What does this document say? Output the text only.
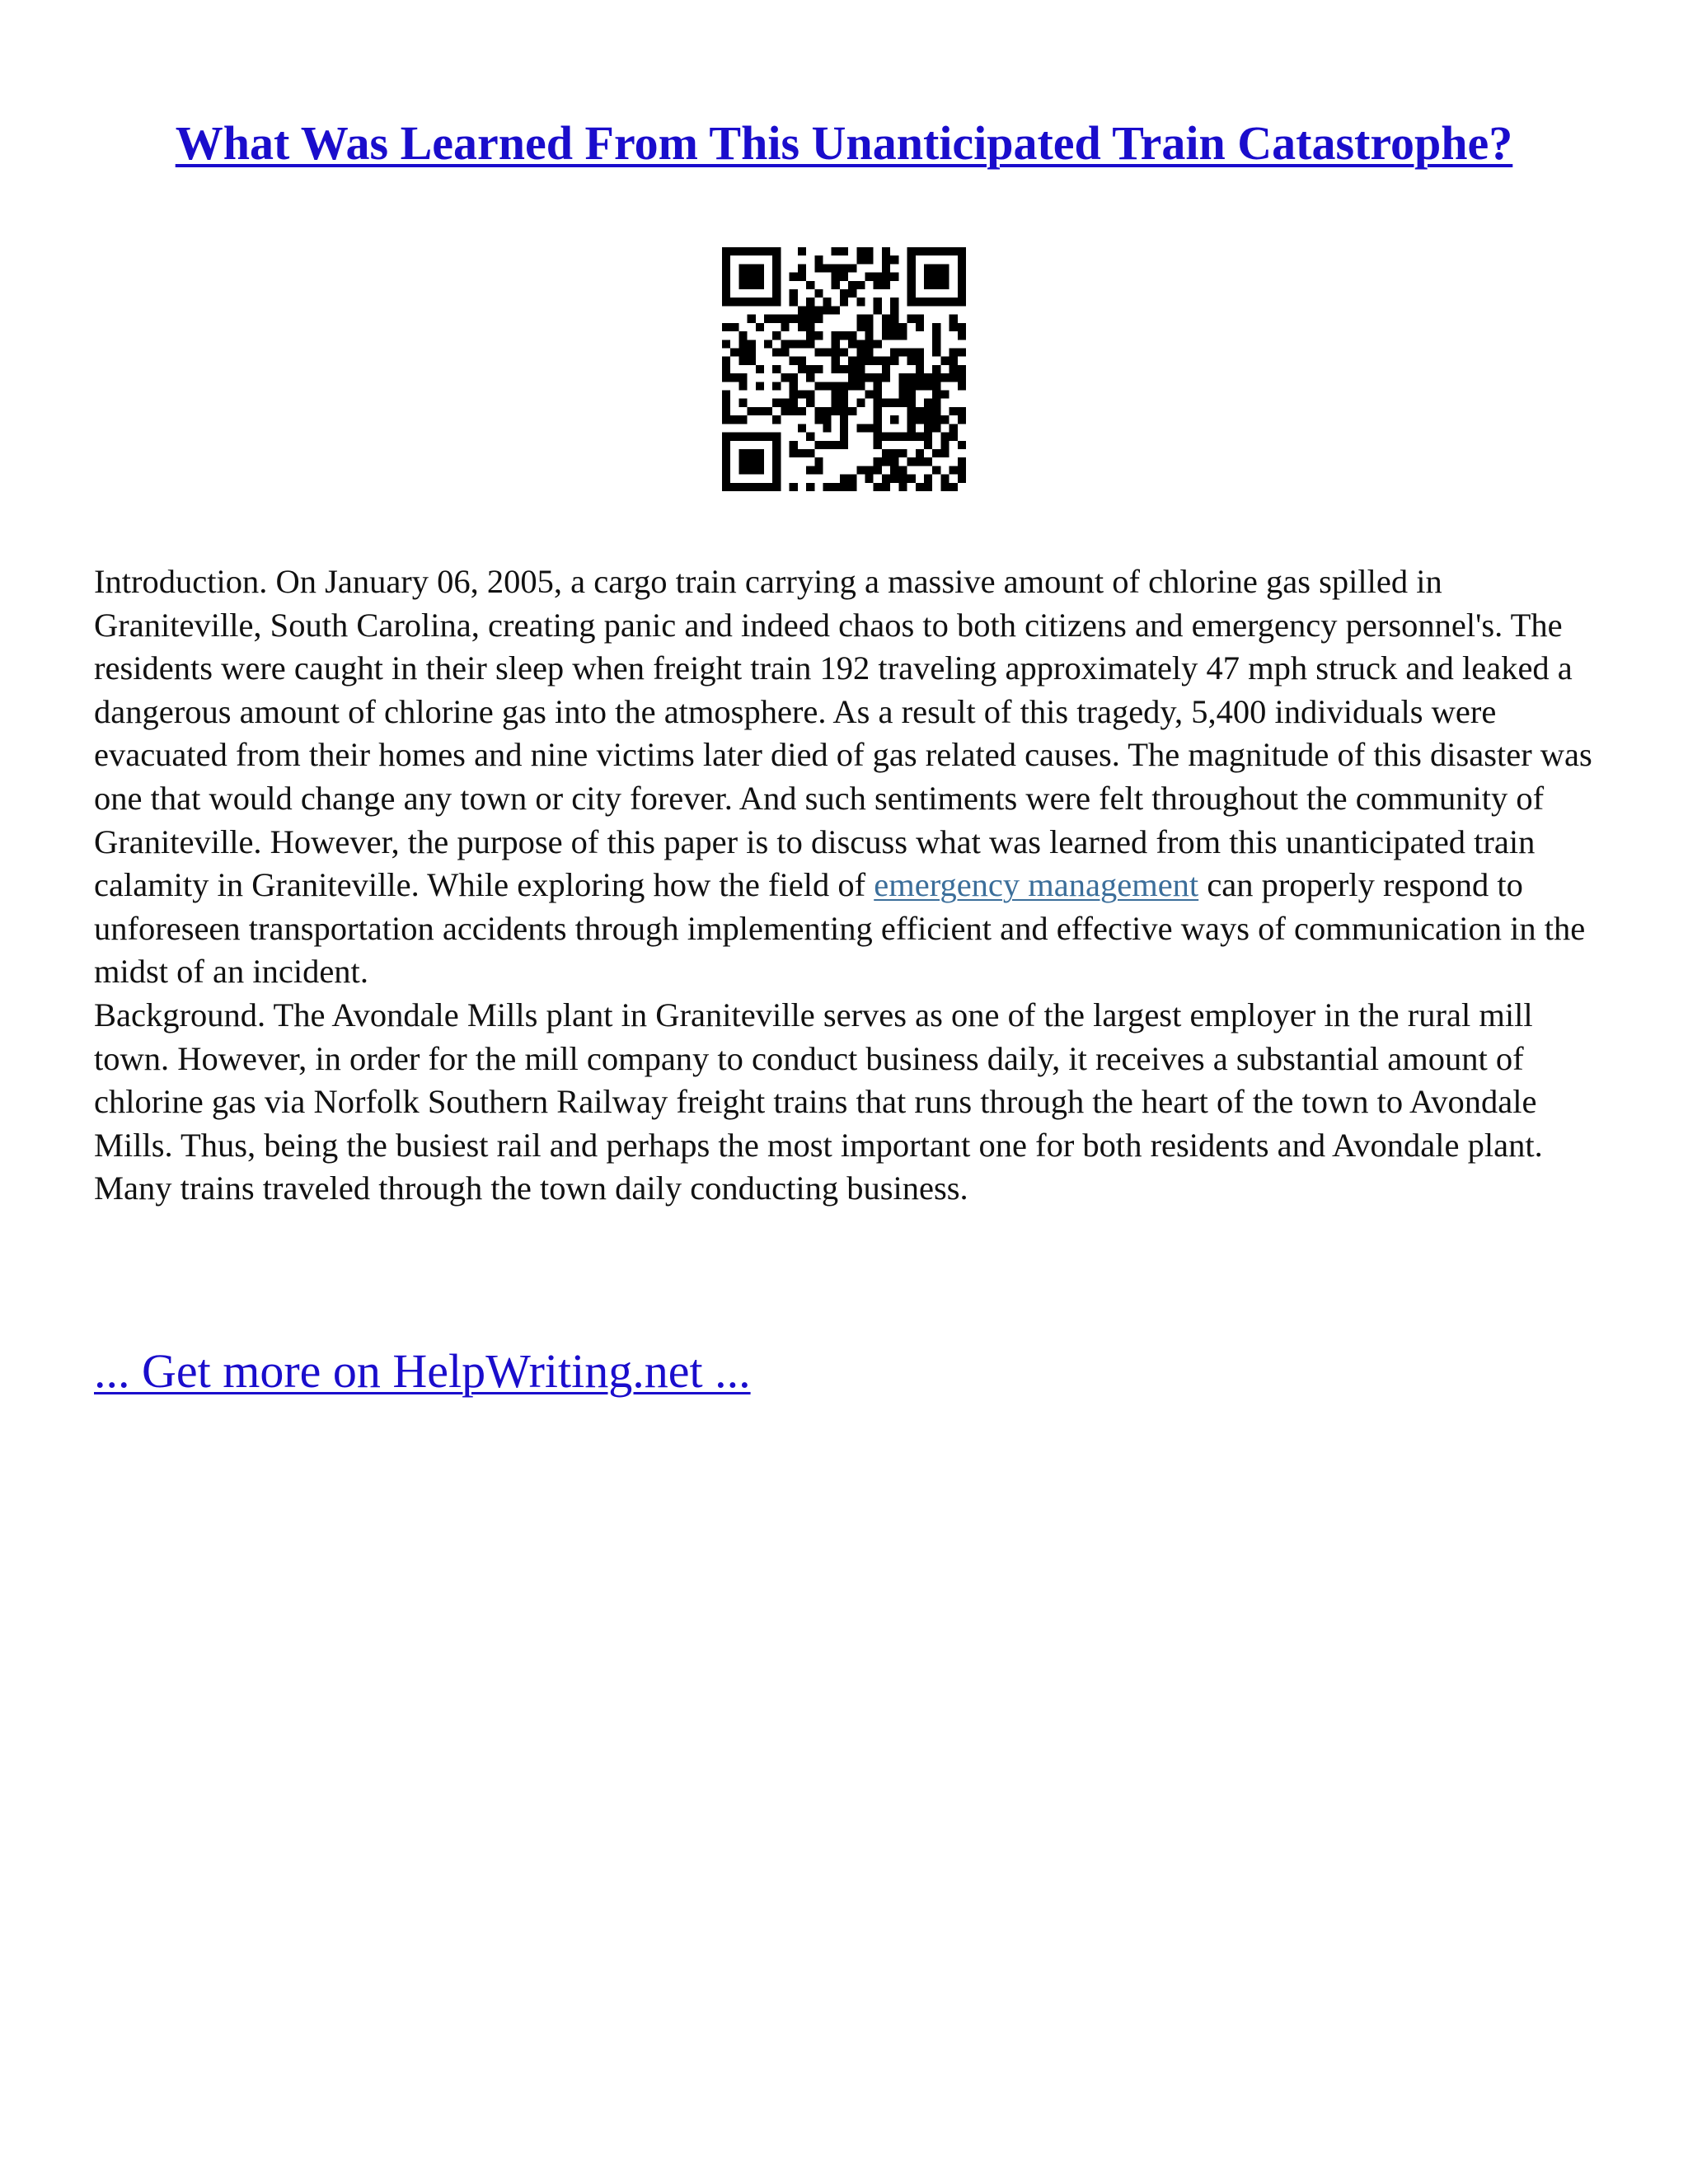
What Was Learned From This Unanticipated Train Catastrophe?

Introduction. On January 06, 2005, a cargo train carrying a massive amount of chlorine gas spilled in Graniteville, South Carolina, creating panic and indeed chaos to both citizens and emergency personnel's. The residents were caught in their sleep when freight train 192 traveling approximately 47 mph struck and leaked a dangerous amount of chlorine gas into the atmosphere. As a result of this tragedy, 5,400 individuals were evacuated from their homes and nine victims later died of gas related causes. The magnitude of this disaster was one that would change any town or city forever. And such sentiments were felt throughout the community of Graniteville. However, the purpose of this paper is to discuss what was learned from this unanticipated train calamity in Graniteville. While exploring how the field of emergency management can properly respond to unforeseen transportation accidents through implementing efficient and effective ways of communication in the midst of an incident.

Background. The Avondale Mills plant in Graniteville serves as one of the largest employer in the rural mill town. However, in order for the mill company to conduct business daily, it receives a substantial amount of chlorine gas via Norfolk Southern Railway freight trains that runs through the heart of the town to Avondale Mills. Thus, being the busiest rail and perhaps the most important one for both residents and Avondale plant. Many trains traveled through the town daily conducting business.

... Get more on HelpWriting.net ...
